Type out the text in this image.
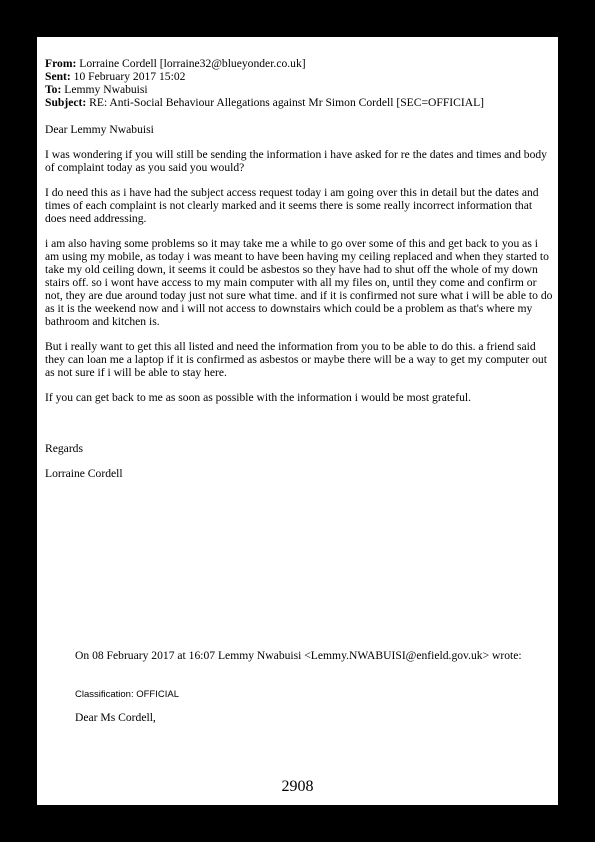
From: Lorraine Cordell [lorraine32@blueyonder.co.uk]
Sent: 10 February 2017 15:02
To: Lemmy Nwabuisi
Subject: RE: Anti-Social Behaviour Allegations against Mr Simon Cordell [SEC=OFFICIAL]
Dear Lemmy Nwabuisi

I was wondering if you will still be sending the information i have asked for re the dates and times and body of complaint today as you said you would?

I do need this as i have had the subject access request today i am going over this in detail but the dates and times of each complaint is not clearly marked and it seems there is some really incorrect information that does need addressing.

i am also having some problems so it may take me a while to go over some of this and get back to you as i am using my mobile, as today i was meant to have been having my ceiling replaced and when they started to take my old ceiling down, it seems it could be asbestos so they have had to shut off the whole of my down stairs off. so i wont have access to my main computer with all my files on, until they come and confirm or not, they are due around today just not sure what time. and if it is confirmed not sure what i will be able to do as it is the weekend now and i will not access to downstairs which could be a problem as that's where my bathroom and kitchen is.

But i really want to get this all listed and need the information from you to be able to do this. a friend said they can loan me a laptop if it is confirmed as asbestos or maybe there will be a way to get my computer out as not sure if i will be able to stay here.

If you can get back to me as soon as possible with the information i would be most grateful.

Regards
Lorraine Cordell
On 08 February 2017 at 16:07 Lemmy Nwabuisi <Lemmy.NWABUISI@enfield.gov.uk> wrote:
Classification: OFFICIAL
Dear Ms Cordell,
2908
